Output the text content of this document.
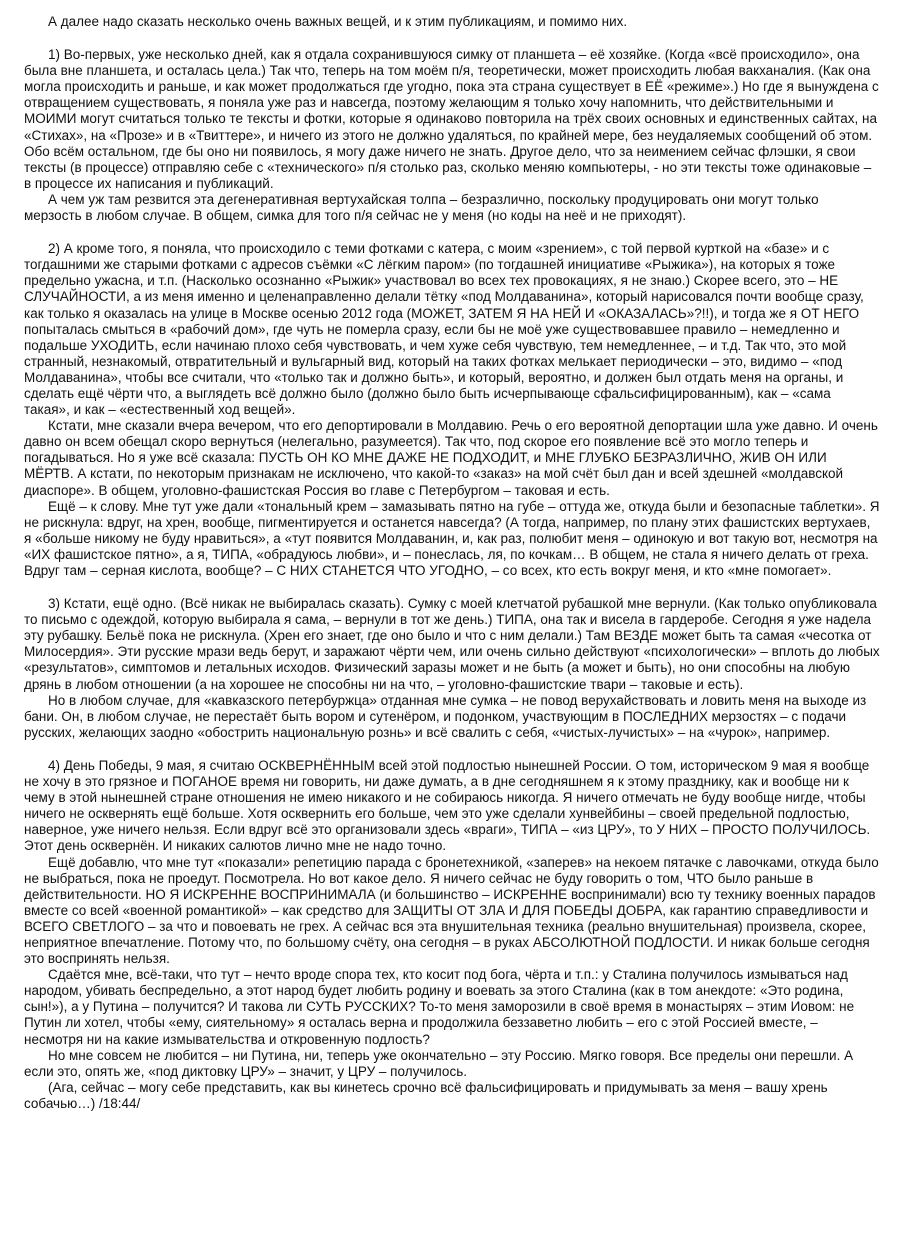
А далее надо сказать несколько очень важных вещей, и к этим публикациям, и помимо них.

1) Во-первых, уже несколько дней, как я отдала сохранившуюся симку от планшета – её хозяйке. (Когда «всё происходило», она была вне планшета, и осталась цела.) Так что, теперь на том моём п/я, теоретически, может происходить любая вакханалия. (Как она могла происходить и раньше, и как может продолжаться где угодно, пока эта страна существует в ЕЁ «режиме».) Но где я вынуждена с отвращением существовать, я поняла уже раз и навсегда, поэтому желающим я только хочу напомнить, что действительными и МОИМИ могут считаться только те тексты и фотки, которые я одинаково повторила на трёх своих основных и единственных сайтах, на «Стихах», на «Прозе» и в «Твиттере», и ничего из этого не должно удаляться, по крайней мере, без неудаляемых сообщений об этом. Обо всём остальном, где бы оно ни появилось, я могу даже ничего не знать. Другое дело, что за неимением сейчас флэшки, я свои тексты (в процессе) отправляю себе с «технического» п/я столько раз, сколько меняю компьютеры, - но эти тексты тоже одинаковые – в процессе их написания и публикаций.

А чем уж там резвится эта дегенеративная вертухайская толпа – безразлично, поскольку продуцировать они могут только мерзость в любом случае. В общем, симка для того п/я сейчас не у меня (но коды на неё и не приходят).

2) А кроме того, я поняла, что происходило с теми фотками с катера, с моим «зрением», с той первой курткой на «базе» и с тогдашними же старыми фотками с адресов съёмки «С лёгким паром» (по тогдашней инициативе «Рыжика»), на которых я тоже предельно ужасна, и т.п. (Насколько осознанно «Рыжик» участвовал во всех тех провокациях, я не знаю.) Скорее всего, это – НЕ СЛУЧАЙНОСТИ, а из меня именно и целенаправленно делали тётку «под Молдаванина», который нарисовался почти вообще сразу, как только я оказалась на улице в Москве осенью 2012 года (МОЖЕТ, ЗАТЕМ Я НА НЕЙ И «ОКАЗАЛАСЬ»?!!), и тогда же я ОТ НЕГО попыталась смыться в «рабочий дом», где чуть не померла сразу, если бы не моё уже существовавшее правило – немедленно и подальше УХОДИТЬ, если начинаю плохо себя чувствовать, и чем хуже себя чувствую, тем немедленнее, – и т.д. Так что, это мой странный, незнакомый, отвратительный и вульгарный вид, который на таких фотках мелькает периодически – это, видимо – «под Молдаванина», чтобы все считали, что «только так и должно быть», и который, вероятно, и должен был отдать меня на органы, и сделать ещё чёрти что, а выглядеть всё должно было (должно было быть исчерпывающе сфальсифицированным), как – «сама такая», и как – «естественный ход вещей».

Кстати, мне сказали вчера вечером, что его депортировали в Молдавию. Речь о его вероятной депортации шла уже давно. И очень давно он всем обещал скоро вернуться (нелегально, разумеется). Так что, под скорое его появление всё это могло теперь и погадываться. Но я уже всё сказала: ПУСТЬ ОН КО МНЕ ДАЖЕ НЕ ПОДХОДИТ, и МНЕ ГЛУБКО БЕЗРАЗЛИЧНО, ЖИВ ОН ИЛИ МЁРТВ. А кстати, по некоторым признакам не исключено, что какой-то «заказ» на мой счёт был дан и всей здешней «молдавской диаспоре». В общем, уголовно-фашистская Россия во главе с Петербургом – таковая и есть.

Ещё – к слову. Мне тут уже дали «тональный крем – замазывать пятно на губе – оттуда же, откуда были и безопасные таблетки». Я не рискнула: вдруг, на хрен, вообще, пигментируется и останется навсегда? (А тогда, например, по плану этих фашистских вертухаев, я «больше никому не буду нравиться», а «тут появится Молдаванин, и, как раз, полюбит меня – одинокую и вот такую вот, несмотря на «ИХ фашистское пятно», а я, ТИПА, «обрадуюсь любви», и – понеслась, ля, по кочкам… В общем, не стала я ничего делать от греха. Вдруг там – серная кислота, вообще? – С НИХ СТАНЕТСЯ ЧТО УГОДНО, – со всех, кто есть вокруг меня, и кто «мне помогает».

3) Кстати, ещё одно. (Всё никак не выбиралась сказать). Сумку с моей клетчатой рубашкой мне вернули. (Как только опубликовала то письмо с одеждой, которую выбирала я сама, – вернули в тот же день.) ТИПА, она так и висела в гардеробе. Сегодня я уже надела эту рубашку. Бельё пока не рискнула. (Хрен его знает, где оно было и что с ним делали.) Там ВЕЗДЕ может быть та самая «чесотка от Милосердия». Эти русские мрази ведь берут, и заражают чёрти чем, или очень сильно действуют «психологически» – вплоть до любых «результатов», симптомов и летальных исходов. Физический заразы может и не быть (а может и быть), но они способны на любую дрянь в любом отношении (а на хорошее не способны ни на что, – уголовно-фашистские твари – таковые и есть).

Но в любом случае, для «кавказского петербуржца» отданная мне сумка – не повод верухайствовать и ловить меня на выходе из бани. Он, в любом случае, не перестаёт быть вором и сутенёром, и подонком, участвующим в ПОСЛЕДНИХ мерзостях – с подачи русских, желающих заодно «обострить национальную рознь» и всё свалить с себя, «чистых-лучистых» – на «чурок», например.

4) День Победы, 9 мая, я считаю ОСКВЕРНЁННЫМ всей этой подлостью нынешней России. О том, историческом 9 мая я вообще не хочу в это грязное и ПОГАНОЕ время ни говорить, ни даже думать, а в дне сегодняшнем я к этому празднику, как и вообще ни к чему в этой нынешней стране отношения не имею никакого и не собираюсь никогда. Я ничего отмечать не буду вообще нигде, чтобы ничего не осквернять ещё больше. Хотя осквернить его больше, чем это уже сделали хунвейбины – своей предельной подлостью, наверное, уже ничего нельзя. Если вдруг всё это организовали здесь «враги», ТИПА – «из ЦРУ», то У НИХ – ПРОСТО ПОЛУЧИЛОСЬ. Этот день осквернён. И никаких салютов лично мне не надо точно.

Ещё добавлю, что мне тут «показали» репетицию парада с бронетехникой, «заперев» на некоем пятачке с лавочками, откуда было не выбраться, пока не проедут. Посмотрела. Но вот какое дело. Я ничего сейчас не буду говорить о том, ЧТО было раньше в действительности. НО Я ИСКРЕННЕ ВОСПРИНИМАЛА (и большинство – ИСКРЕННЕ воспринимали) всю ту технику военных парадов вместе со всей «военной романтикой» – как средство для ЗАЩИТЫ ОТ ЗЛА И ДЛЯ ПОБЕДЫ ДОБРА, как гарантию справедливости и ВСЕГО СВЕТЛОГО – за что и повоевать не грех. А сейчас вся эта внушительная техника (реально внушительная) произвела, скорее, неприятное впечатление. Потому что, по большому счёту, она сегодня – в руках АБСОЛЮТНОЙ ПОДЛОСТИ. И никак больше сегодня это воспринять нельзя.

Сдаётся мне, всё-таки, что тут – нечто вроде спора тех, кто косит под бога, чёрта и т.п.: у Сталина получилось измываться над народом, убивать беспредельно, а этот народ будет любить родину и воевать за этого Сталина (как в том анекдоте: «Это родина, сын!»), а у Путина – получится? И такова ли СУТЬ РУССКИХ? То-то меня заморозили в своё время в монастырях – этим Иовом: не Путин ли хотел, чтобы «ему, сиятельному» я осталась верна и продолжила беззаветно любить – его с этой Россией вместе, – несмотря ни на какие измывательства и откровенную подлость?

Но мне совсем не любится – ни Путина, ни, теперь уже окончательно – эту Россию. Мягко говоря. Все пределы они перешли. А если это, опять же, «под диктовку ЦРУ» – значит, у ЦРУ – получилось.

(Ага, сейчас – могу себе представить, как вы кинетесь срочно всё фальсифицировать и придумывать за меня – вашу хрень собачью…) /18:44/
